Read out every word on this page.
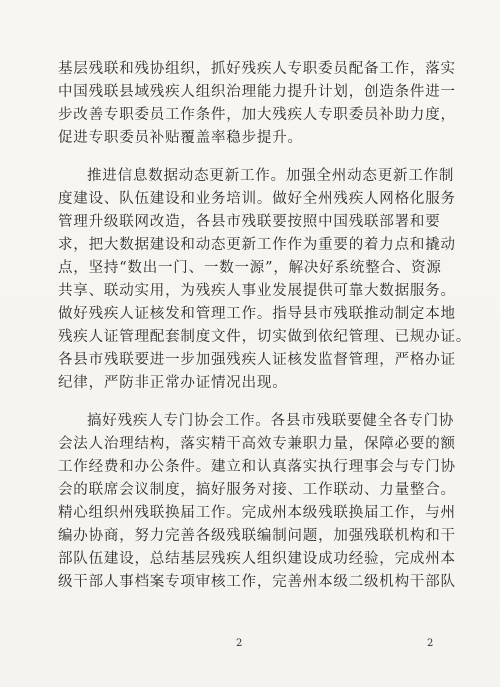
基层残联和残协组织，抓好残疾人专职委员配备工作，落实
中国残联县域残疾人组织治理能力提升计划，创造条件进一
步改善专职委员工作条件，加大残疾人专职委员补助力度，
促进专职委员补贴覆盖率稳步提升。
推进信息数据动态更新工作。加强全州动态更新工作制
度建设、队伍建设和业务培训。做好全州残疾人网格化服务
管理升级联网改造，各县市残联要按照中国残联部署和要
求，把大数据建设和动态更新工作作为重要的着力点和撬动
点，坚持“数出一门、一数一源”，解决好系统整合、资源
共享、联动实用，为残疾人事业发展提供可靠大数据服务。
做好残疾人证核发和管理工作。指导县市残联推动制定本地
残疾人证管理配套制度文件，切实做到依纪管理、已规办证。
各县市残联要进一步加强残疾人证核发监督管理，严格办证
纪律，严防非正常办证情况出现。
搞好残疾人专门协会工作。各县市残联要健全各专门协
会法人治理结构，落实精干高效专兼职力量，保障必要的额
工作经费和办公条件。建立和认真落实执行理事会与专门协
会的联席会议制度，搞好服务对接、工作联动、力量整合。
精心组织州残联换届工作。完成州本级残联换届工作，与州
编办协商，努力完善各级残联编制问题，加强残联机构和干
部队伍建设，总结基层残疾人组织建设成功经验，完成州本
级干部人事档案专项审核工作，完善州本级二级机构干部队
2	2
